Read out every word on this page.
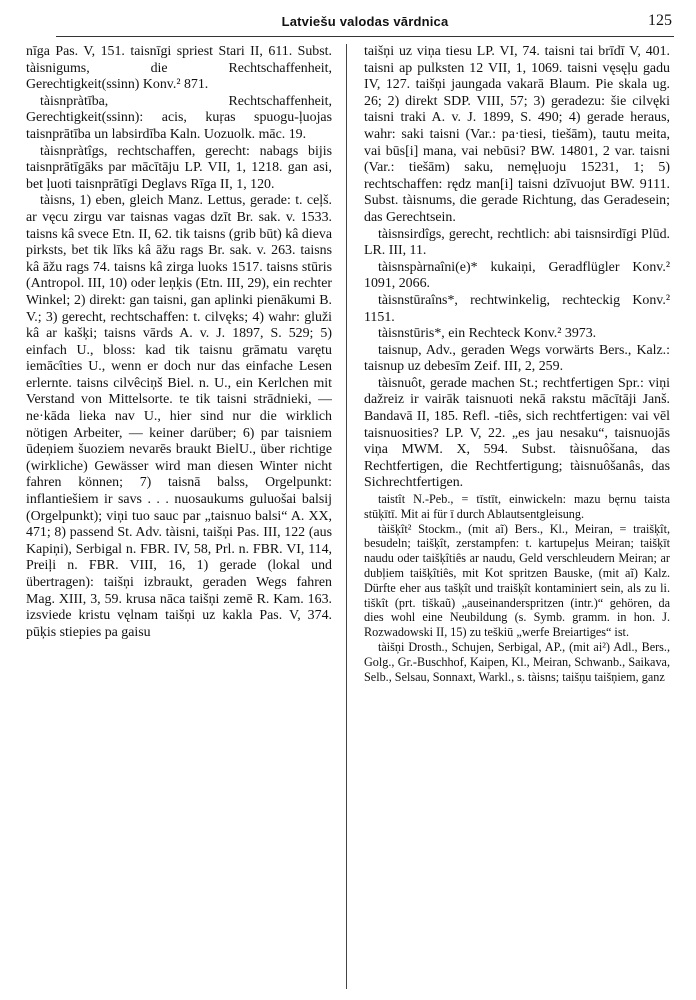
Latviešu valodas vārdnica	125

nīga Pas. V, 151. taisnīgi spriest Stari II, 611. Subst. tàisnigums, die Rechtschaffenheit, Gerechtigkeit(ssinn) Konv.² 871.

tàisnpràtība, Rechtschaffenheit, Gerechtigkeit(ssinn): acis, kuŗas spuogu-ļuojas taisnprātība un labsirdība Kaln. Uozuolk. māc. 19.

tàisnpràtîgs, rechtschaffen, gerecht: nabags bijis taisnprātīgāks par mācītāju LP. VII, 1, 1218. gan asi, bet ļuoti taisnprātīgi Deglavs Rīga II, 1, 120.

tàisns, 1) eben, gleich Manz. Lettus, gerade: t. ceļš. ar vęcu zirgu var taisnas vagas dzīt Br. sak. v. 1533. taisns kâ svece Etn. II, 62. tik taisns (grib būt) kâ dieva pirksts, bet tik līks kâ āžu rags Br. sak. v. 263. taisns kâ āžu rags 74. taisns kâ zirga luoks 1517. taisns stūris (Antropol. III, 10) oder leņķis (Etn. III, 29), ein rechter Winkel; 2) direkt: gan taisni, gan aplinki pienākumi B. V.; 3) gerecht, rechtschaffen: t. cilvęks; 4) wahr: gluži kâ ar kašķi; taisns vārds A. v. J. 1897, S. 529; 5) einfach U., bloss: kad tik taisnu grāmatu varętu iemācîties U., wenn er doch nur das einfache Lesen erlernte. taisns cilvêciņš Biel. n. U., ein Kerlchen mit Verstand von Mittelsorte. te tik taisni strādnieki, — ne·kāda lieka nav U., hier sind nur die wirklich nötigen Arbeiter, — keiner darüber; 6) par taisniem ūdeņiem šuoziem nevarēs braukt BielU., über richtige (wirkliche) Gewässer wird man diesen Winter nicht fahren können; 7) taisnā balss, Orgelpunkt: inflantiešiem ir savs . . . nuosaukums guluošai balsij (Orgelpunkt); viņi tuo sauc par „taisnuo balsi“ A. XX, 471; 8) passend St. Adv. tàisni, taišņi Pas. III, 122 (aus Kapiņi), Serbigal n. FBR. IV, 58, Prl. n. FBR. VI, 114, Preiļi n. FBR. VIII, 16, 1) gerade (lokal und übertragen): taišņi izbraukt, geraden Wegs fahren Mag. XIII, 3, 59. krusa nāca taišņi zemē R. Kam. 163. izsviede kristu vęlnam taišņi uz kakla Pas. V, 374. pūķis stiepies pa gaisu

taišņi uz viņa tiesu LP. VI, 74. taisni tai brīdī V, 401. taisni ap pulksten 12 VII, 1, 1069. taisni vęsęļu gadu IV, 127. taišņi jaungada vakarā Blaum. Pie skala ug. 26; 2) direkt SDP. VIII, 57; 3) geradezu: šie cilvęki taisni traki A. v. J. 1899, S. 490; 4) gerade heraus, wahr: saki taisni (Var.: pa·tiesi, tiešām), tautu meita, vai būs[i] mana, vai nebūsi? BW. 14801, 2 var. taisni (Var.: tiešām) saku, nemęļuoju 15231, 1; 5) rechtschaffen: rędz man[i] taisni dzīvuojut BW. 9111. Subst. tàisnums, die gerade Richtung, das Geradesein; das Gerechtsein.

tàisnsirdîgs, gerecht, rechtlich: abi taisnsirdīgi Plūd. LR. III, 11.

tàisnspàrnaîni(e)* kukaiņi, Geradflügler Konv.² 1091, 2066.

tàisnstūraîns*, rechtwinkelig, rechteckig Konv.² 1151.

tàisnstūris*, ein Rechteck Konv.² 3973.

taisnup, Adv., geraden Wegs vorwärts Bers., Kalz.: taisnup uz debesīm Zeif. III, 2, 259.

tàisnuôt, gerade machen St.; rechtfertigen Spr.: viņi dažreiz ir vairāk taisnuoti nekā rakstu mācītāji Janš. Bandavā II, 185. Refl. -tiês, sich rechtfertigen: vai vēl taisnuosities? LP. V, 22. „es jau nesaku“, taisnuojās viņa MWM. X, 594. Subst. tàisnuôšana, das Rechtfertigen, die Rechtfertigung; tàisnuôšanâs, das Sichrechtfertigen.

taistît N.-Peb., = tīstīt, einwickeln: mazu bęrnu taista stūķītī. Mit ai für ī durch Ablautsentgleisung.

tàišķît² Stockm., (mit aĩ) Bers., Kl., Meiran, = traišķît, besudeln; taišķît, zerstampfen: t. kartupeļus Meiran; taišķīt naudu oder taišķîtiês ar naudu, Geld verschleudern Meiran; ar dubļiem taišķîtiês, mit Kot spritzen Bauske, (mit aĩ) Kalz. Dürfte eher aus tašķît und traišķît kontaminiert sein, als zu li. tiškît (prt. tiškaũ) „auseinanderspritzen (intr.)“ gehören, da dies wohl eine Neubildung (s. Symb. gramm. in hon. J. Rozwadowski II, 15) zu teškiū „werfe Breiartiges“ ist.

tàišņi Drosth., Schujen, Serbigal, AP., (mit ai²) Adl., Bers., Golg., Gr.-Buschhof, Kaipen, Kl., Meiran, Schwanb., Saikava, Selb., Selsau, Sonnaxt, Warkl., s. tàisns; taišņu taišņiem, ganz
